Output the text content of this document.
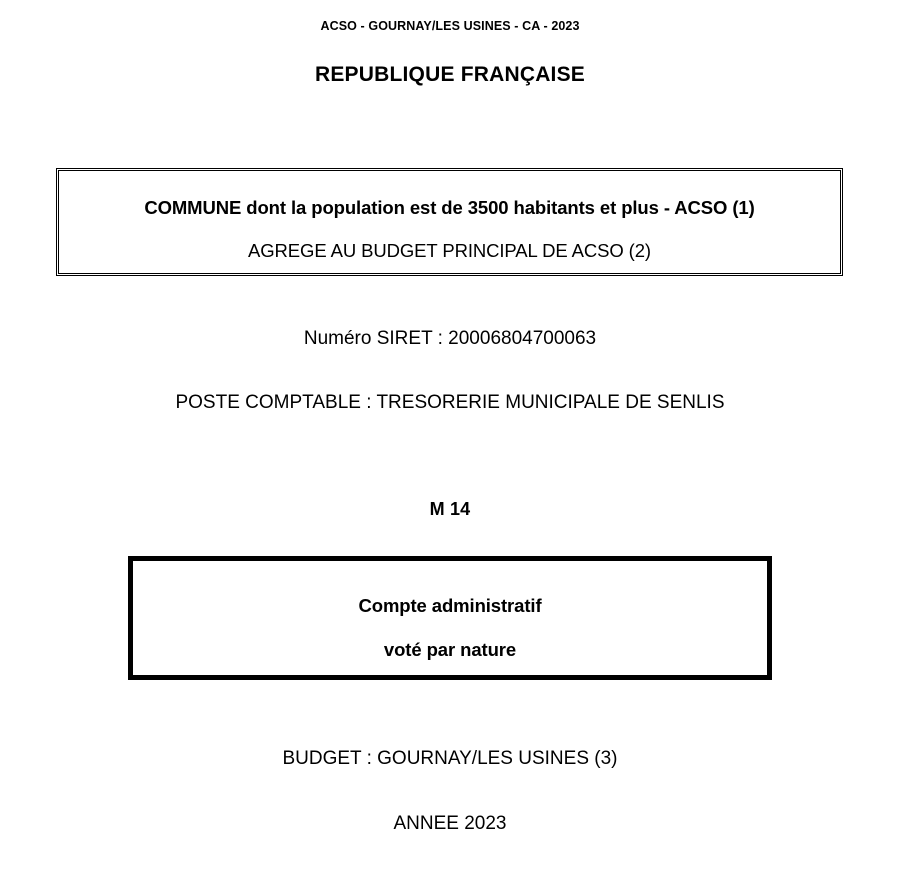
ACSO - GOURNAY/LES USINES - CA - 2023
REPUBLIQUE FRANÇAISE
COMMUNE dont la population est de 3500 habitants et plus - ACSO (1)
AGREGE AU BUDGET PRINCIPAL DE ACSO (2)
Numéro SIRET : 20006804700063
POSTE COMPTABLE : TRESORERIE MUNICIPALE DE SENLIS
M 14
Compte administratif
voté par nature
BUDGET : GOURNAY/LES USINES (3)
ANNEE 2023
